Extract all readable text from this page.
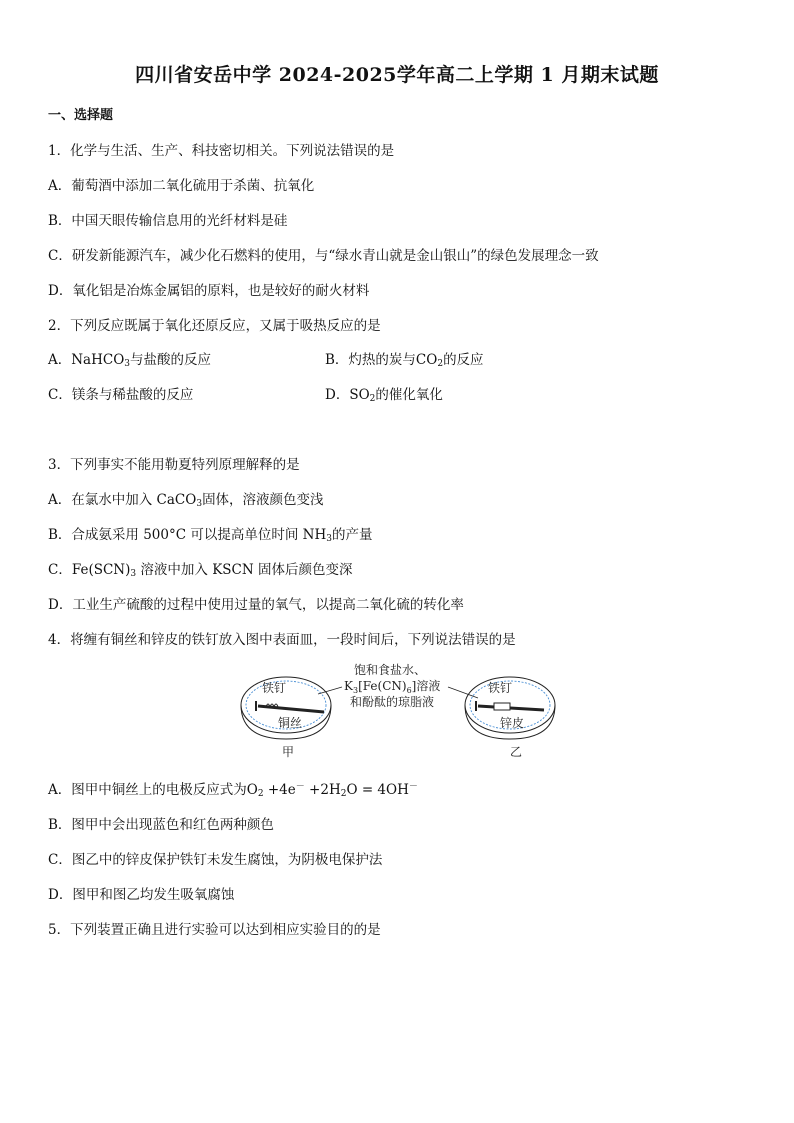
四川省安岳中学 2024-2025学年高二上学期 1 月期末试题
一、选择题
1．化学与生活、生产、科技密切相关。下列说法错误的是
A．葡萄酒中添加二氧化硫用于杀菌、抗氧化
B．中国天眼传输信息用的光纤材料是硅
C．研发新能源汽车，减少化石燃料的使用，与“绿水青山就是金山银山”的绿色发展理念一致
D．氧化铝是冶炼金属铝的原料，也是较好的耐火材料
2．下列反应既属于氧化还原反应，又属于吸热反应的是
A．NaHCO$_3$与盐酸的反应	B．灼热的炭与$CO_2$的反应
C．镁条与稀盐酸的反应	D．$SO_2$的催化氧化
3．下列事实不能用勒夏特列原理解释的是
A．在氯水中加入 CaCO$_3$固体，溶液颜色变浅
B．合成氨采用 500°C 可以提高单位时间 $NH_3$的产量
C．$Fe(SCN)_3$ 溶液中加入 KSCN 固体后颜色变深
D．工业生产硫酸的过程中使用过量的氧气，以提高二氧化硫的转化率
4．将缠有铜丝和锌皮的铁钉放入图中表面皿，一段时间后，下列说法错误的是
铁钉
铜丝
甲
铁钉
锌皮
乙
饱和食盐水、
$K_3[Fe(CN)_6]$溶液
和酚酞的琼脂液
A．图甲中铜丝上的电极反应式为$O_2 +4e^- +2H_2O = 4OH^-$
B．图甲中会出现蓝色和红色两种颜色
C．图乙中的锌皮保护铁钉未发生腐蚀，为阴极电保护法
D．图甲和图乙均发生吸氧腐蚀
5．下列装置正确且进行实验可以达到相应实验目的的是
